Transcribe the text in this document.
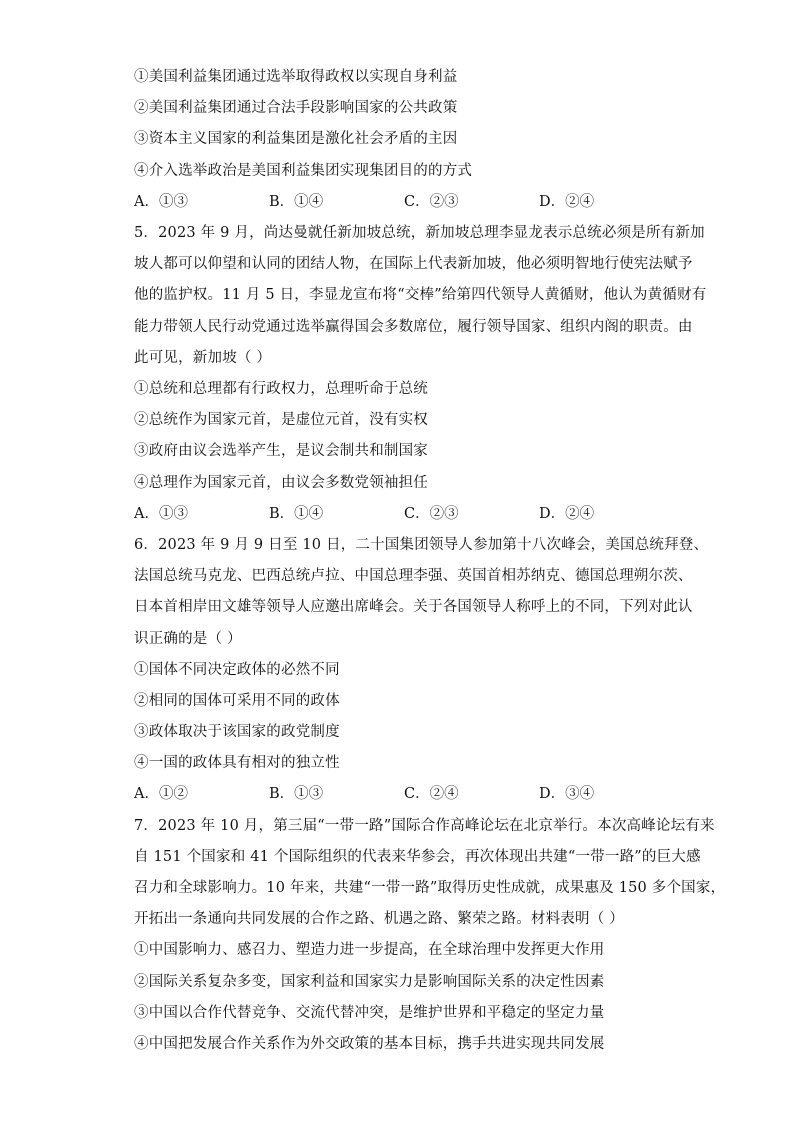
①美国利益集团通过选举取得政权以实现自身利益
②美国利益集团通过合法手段影响国家的公共政策
③资本主义国家的利益集团是激化社会矛盾的主因
④介入选举政治是美国利益集团实现集团目的的方式
A．①③	B．①④	C．②③	D．②④
5．2023 年 9 月，尚达曼就任新加坡总统，新加坡总理李显龙表示总统必须是所有新加
坡人都可以仰望和认同的团结人物，在国际上代表新加坡，他必须明智地行使宪法赋予
他的监护权。11 月 5 日，李显龙宣布将“交棒”给第四代领导人黄循财，他认为黄循财有
能力带领人民行动党通过选举赢得国会多数席位，履行领导国家、组织内阁的职责。由
此可见，新加坡（ ）
①总统和总理都有行政权力，总理听命于总统
②总统作为国家元首，是虚位元首，没有实权
③政府由议会选举产生，是议会制共和制国家
④总理作为国家元首，由议会多数党领袖担任
A．①③	B．①④	C．②③	D．②④
6．2023 年 9 月 9 日至 10 日，二十国集团领导人参加第十八次峰会，美国总统拜登、
法国总统马克龙、巴西总统卢拉、中国总理李强、英国首相苏纳克、德国总理朔尔茨、
日本首相岸田文雄等领导人应邀出席峰会。关于各国领导人称呼上的不同，下列对此认
识正确的是（ ）
①国体不同决定政体的必然不同
②相同的国体可采用不同的政体
③政体取决于该国家的政党制度
④一国的政体具有相对的独立性
A．①②	B．①③	C．②④	D．③④
7．2023 年 10 月，第三届“一带一路”国际合作高峰论坛在北京举行。本次高峰论坛有来
自 151 个国家和 41 个国际组织的代表来华参会，再次体现出共建“一带一路”的巨大感
召力和全球影响力。10 年来，共建“一带一路”取得历史性成就，成果惠及 150 多个国家，
开拓出一条通向共同发展的合作之路、机遇之路、繁荣之路。材料表明（ ）
①中国影响力、感召力、塑造力进一步提高，在全球治理中发挥更大作用
②国际关系复杂多变，国家利益和国家实力是影响国际关系的决定性因素
③中国以合作代替竞争、交流代替冲突，是维护世界和平稳定的坚定力量
④中国把发展合作关系作为外交政策的基本目标，携手共进实现共同发展
